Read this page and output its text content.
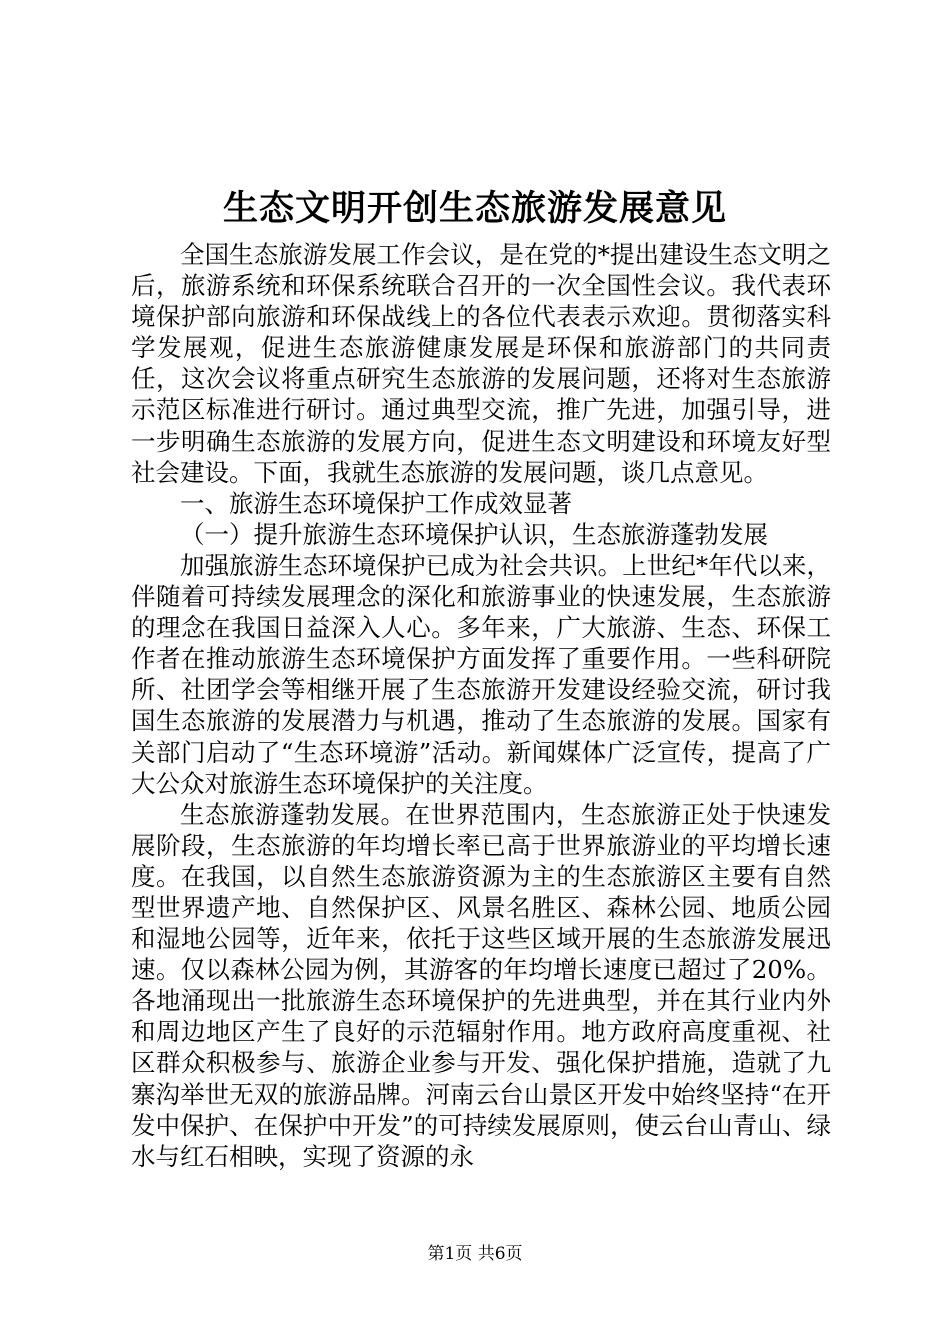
生态文明开创生态旅游发展意见

全国生态旅游发展工作会议，是在党的*提出建设生态文明之后，旅游系统和环保系统联合召开的一次全国性会议。我代表环境保护部向旅游和环保战线上的各位代表表示欢迎。贯彻落实科学发展观，促进生态旅游健康发展是环保和旅游部门的共同责任，这次会议将重点研究生态旅游的发展问题，还将对生态旅游示范区标准进行研讨。通过典型交流，推广先进，加强引导，进一步明确生态旅游的发展方向，促进生态文明建设和环境友好型社会建设。下面，我就生态旅游的发展问题，谈几点意见。

一、旅游生态环境保护工作成效显著

（一）提升旅游生态环境保护认识，生态旅游蓬勃发展

加强旅游生态环境保护已成为社会共识。上世纪*年代以来，伴随着可持续发展理念的深化和旅游事业的快速发展，生态旅游的理念在我国日益深入人心。多年来，广大旅游、生态、环保工作者在推动旅游生态环境保护方面发挥了重要作用。一些科研院所、社团学会等相继开展了生态旅游开发建设经验交流，研讨我国生态旅游的发展潜力与机遇，推动了生态旅游的发展。国家有关部门启动了“生态环境游”活动。新闻媒体广泛宣传，提高了广大公众对旅游生态环境保护的关注度。

生态旅游蓬勃发展。在世界范围内，生态旅游正处于快速发展阶段，生态旅游的年均增长率已高于世界旅游业的平均增长速度。在我国，以自然生态旅游资源为主的生态旅游区主要有自然型世界遗产地、自然保护区、风景名胜区、森林公园、地质公园和湿地公园等，近年来，依托于这些区域开展的生态旅游发展迅速。仅以森林公园为例，其游客的年均增长速度已超过了20%。各地涌现出一批旅游生态环境保护的先进典型，并在其行业内外和周边地区产生了良好的示范辐射作用。地方政府高度重视、社区群众积极参与、旅游企业参与开发、强化保护措施，造就了九寨沟举世无双的旅游品牌。河南云台山景区开发中始终坚持“在开发中保护、在保护中开发”的可持续发展原则，使云台山青山、绿水与红石相映，实现了资源的永

第1页 共6页
